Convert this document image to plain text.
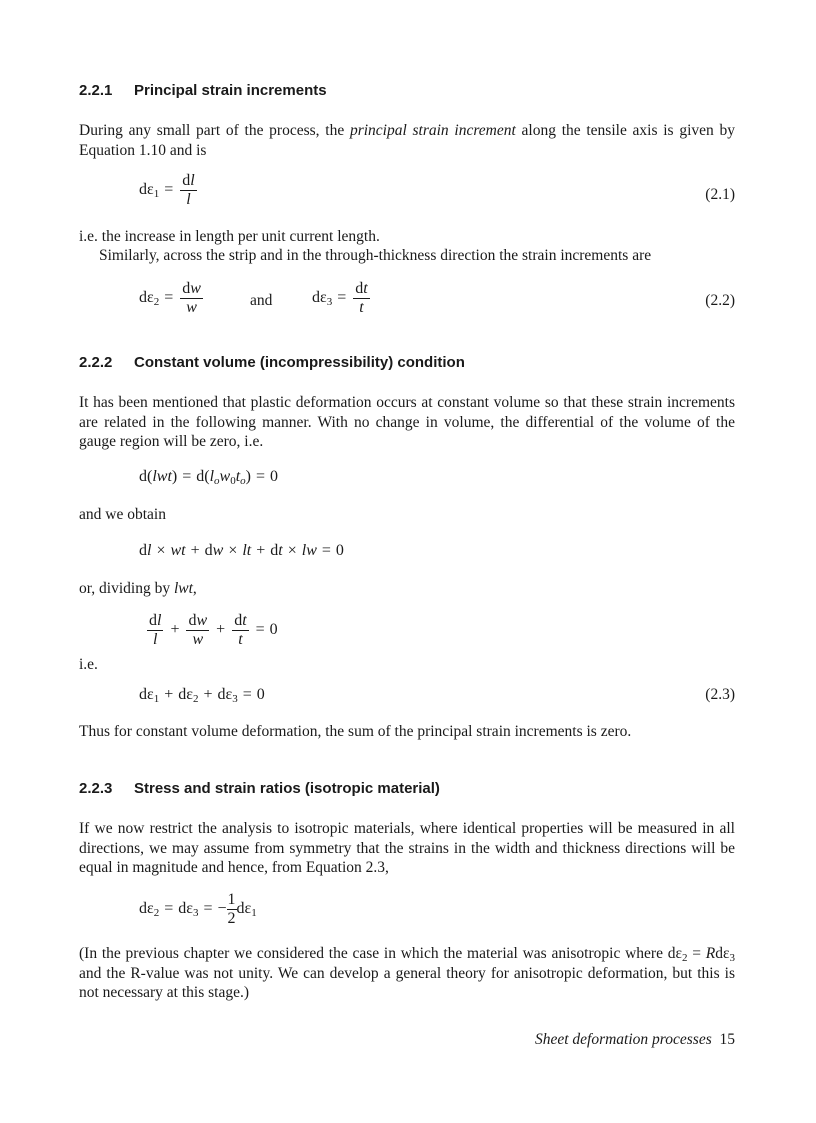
2.2.1 Principal strain increments
During any small part of the process, the principal strain increment along the tensile axis is given by Equation 1.10 and is
$d\varepsilon_1 = \frac{dl}{l}$	(2.1)
i.e. the increase in length per unit current length.
Similarly, across the strip and in the through-thickness direction the strain increments are
$d\varepsilon_2 = \frac{dw}{w}$	and $d\varepsilon_3 = \frac{dt}{t}$	(2.2)
2.2.2 Constant volume (incompressibility) condition
It has been mentioned that plastic deformation occurs at constant volume so that these strain increments are related in the following manner. With no change in volume, the differential of the volume of the gauge region will be zero, i.e.
$d(lwt) = d(l_ow_0t_o) = 0$
and we obtain
dl × wt + dw × lt + dt × lw = 0
or, dividing by lwt,
$\frac{dl}{l} + \frac{dw}{w} + \frac{dt}{t} = 0$
i.e.
$d\varepsilon_1 + d\varepsilon_2 + d\varepsilon_3 = 0$	(2.3)
Thus for constant volume deformation, the sum of the principal strain increments is zero.
2.2.3 Stress and strain ratios (isotropic material)
If we now restrict the analysis to isotropic materials, where identical properties will be measured in all directions, we may assume from symmetry that the strains in the width and thickness directions will be equal in magnitude and hence, from Equation 2.3,
$d\varepsilon_2 = d\varepsilon_3$ = − $\frac{1}{2} d\varepsilon_1$
(In the previous chapter we considered the case in which the material was anisotropic where $d\varepsilon_2 = Rd\varepsilon_3$ and the R-value was not unity. We can develop a general theory for anisotropic deformation, but this is not necessary at this stage.)
Sheet deformation processes 15
